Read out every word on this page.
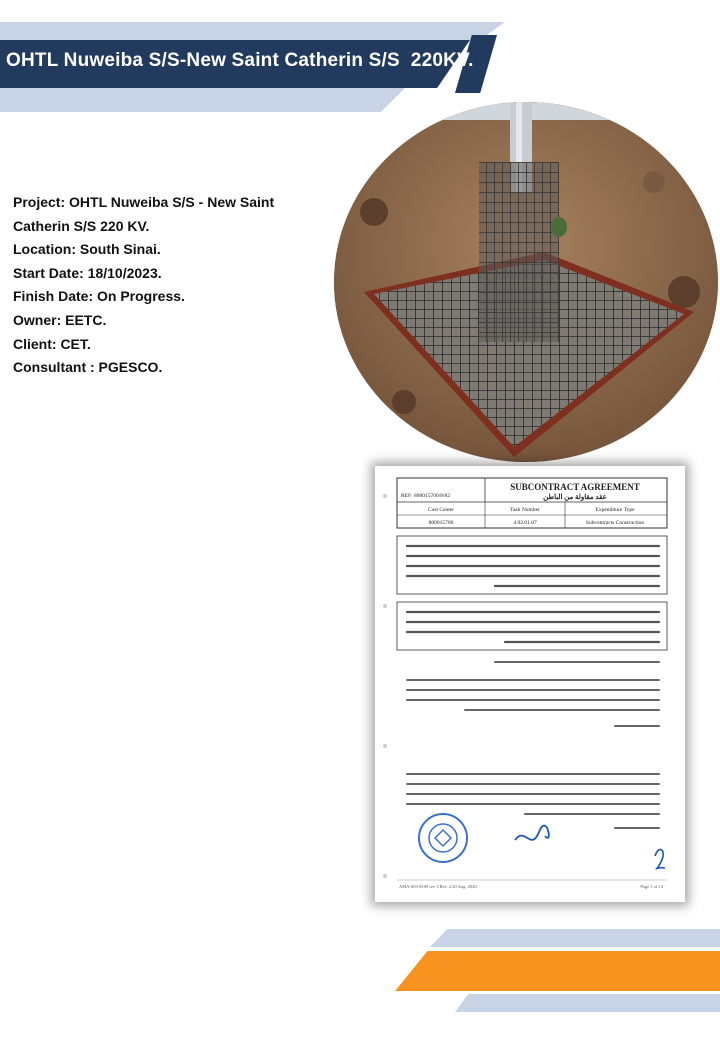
OHTL Nuweiba S/S-New Saint Catherin S/S  220KV.
Project: OHTL Nuweiba S/S - New Saint
Catherin S/S 220 KV.
Location: South Sinai.
Start Date: 18/10/2023.
Finish Date: On Progress.
Owner: EETC.
Client: CET.
Consultant : PGESCO.
SUBCONTRACT AGREEMENT
عقد مقاولة من الباطن
REF: 800015700/8/82
Cost Center	Task Number	Expenditure Type
800015700	4.02.01.07	Subcontracts Construction
AMA-003-8109 rev 3 Rev. 2.20 Aug. 2020	Page 1 of 14
